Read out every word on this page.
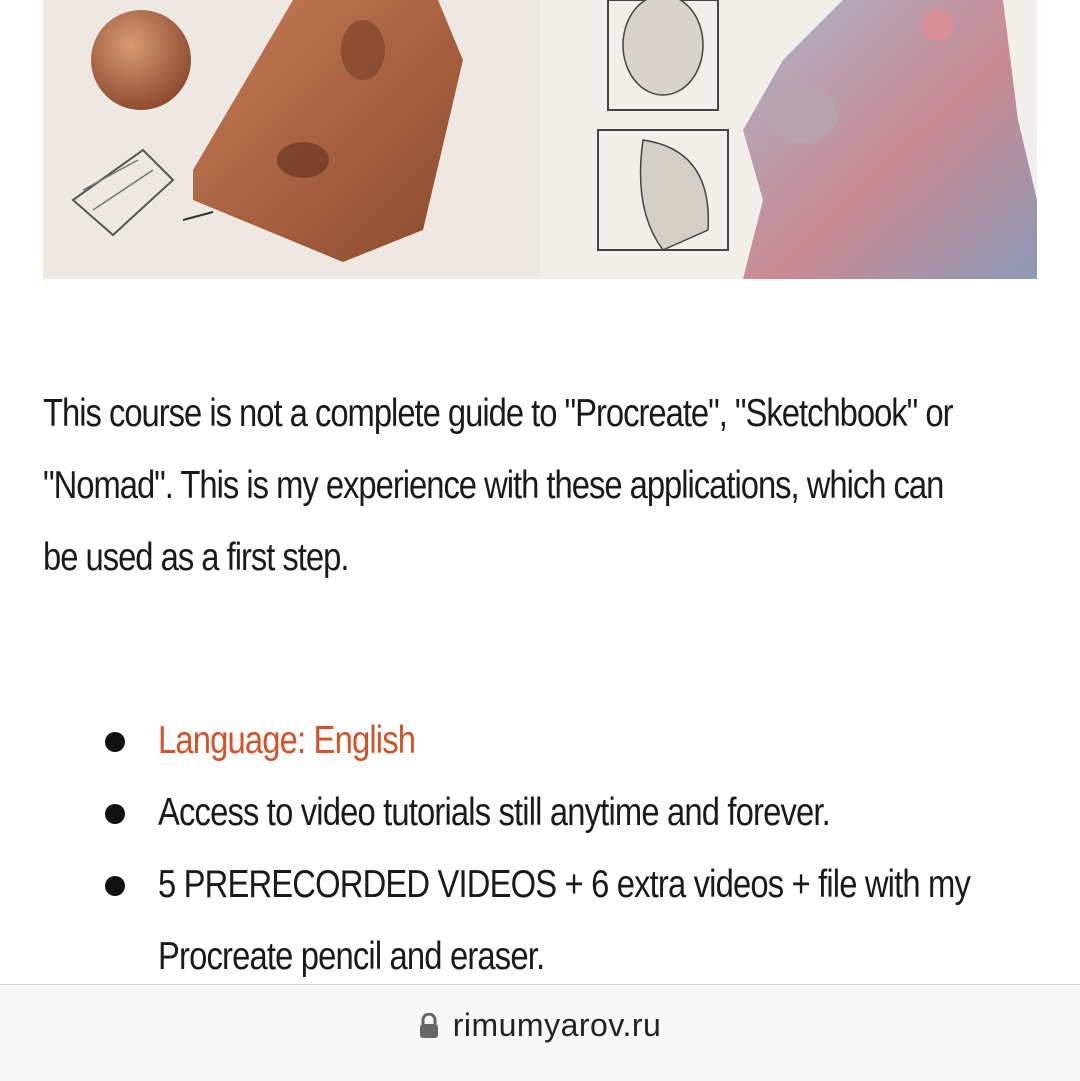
This course is not a complete guide to "Procreate", "Sketchbook" or
"Nomad". This is my experience with these applications, which can
be used as a first step.

Language: English
Access to video tutorials still anytime and forever.
5 PRERECORDED VIDEOS + 6 extra videos + file with my
Procreate pencil and eraser.
rimumyarov.ru
